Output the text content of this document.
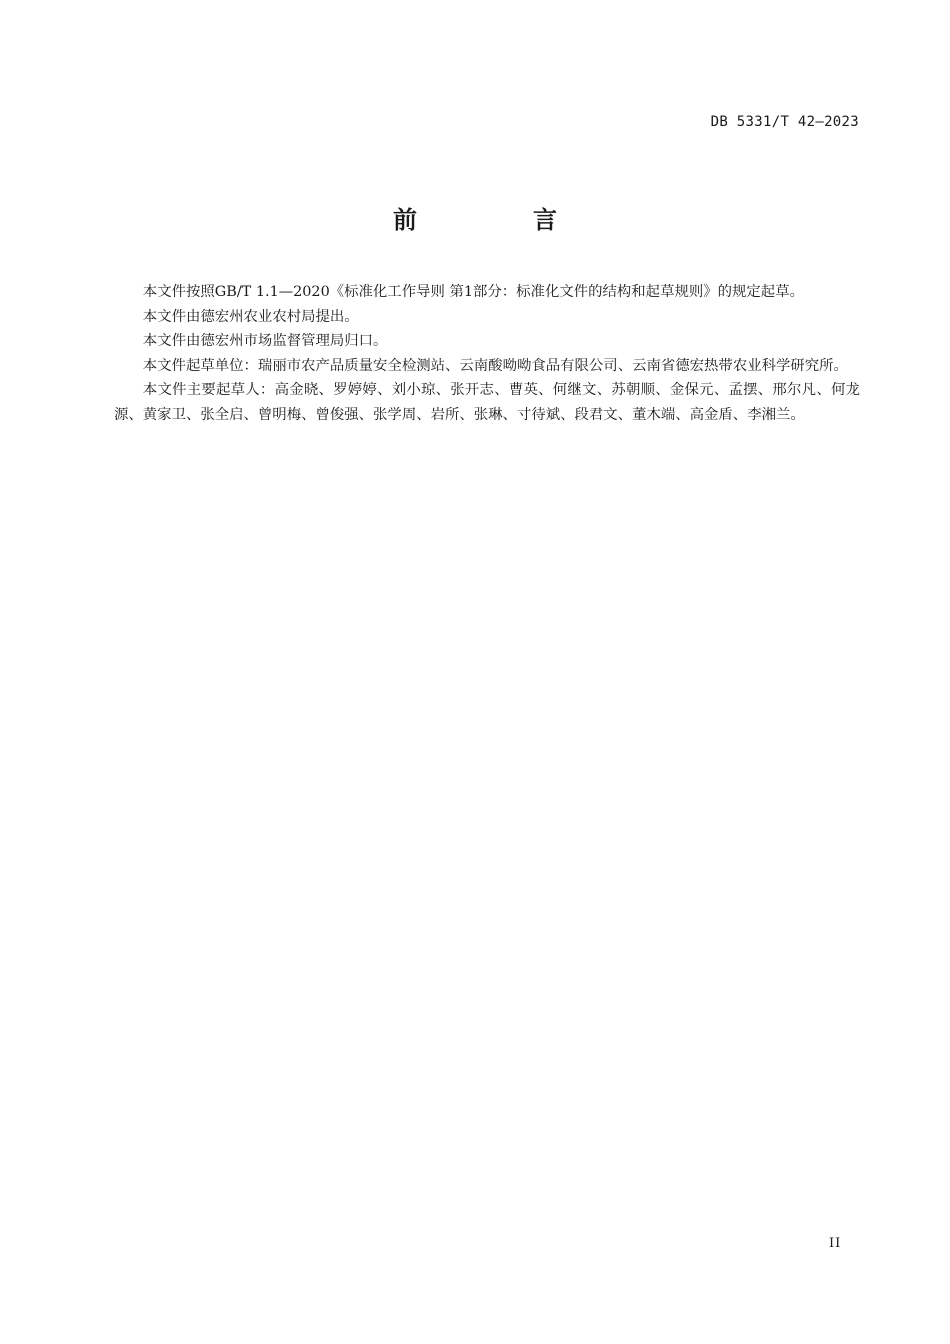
DB 5331/T 42—2023
前　言

本文件按照GB/T 1.1—2020《标准化工作导则 第1部分：标准化文件的结构和起草规则》的规定起草。

本文件由德宏州农业农村局提出。

本文件由德宏州市场监督管理局归口。

本文件起草单位：瑞丽市农产品质量安全检测站、云南酸呦呦食品有限公司、云南省德宏热带农业科学研究所。

本文件主要起草人：高金晓、罗婷婷、刘小琼、张开志、曹英、何继文、苏朝顺、金保元、孟摆、邢尔凡、何龙源、黄家卫、张全启、曾明梅、曾俊强、张学周、岩所、张琳、寸待斌、段君文、董木端、高金盾、李湘兰。

II
